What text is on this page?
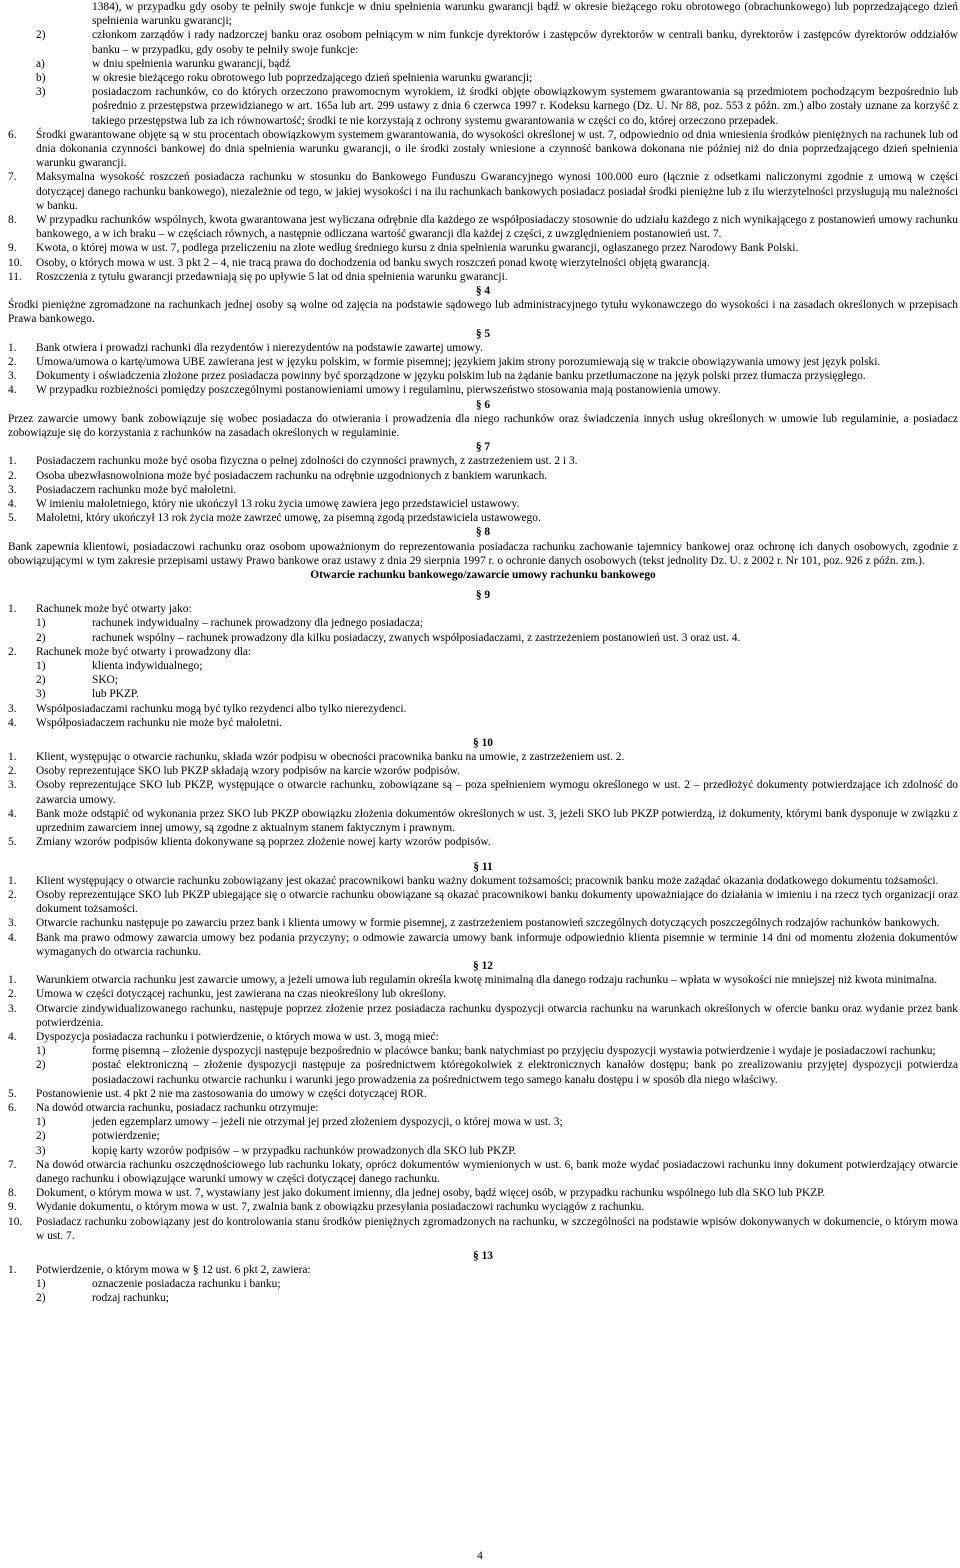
1384), w przypadku gdy osoby te pełniły swoje funkcje w dniu spełnienia warunku gwarancji bądź w okresie bieżącego roku obrotowego (obrachunkowego) lub poprzedzającego dzień spełnienia warunku gwarancji;
2)	członkom zarządów i rady nadzorczej banku oraz osobom pełniącym w nim funkcje dyrektorów i zastępców dyrektorów w centrali banku, dyrektorów i zastępców dyrektorów oddziałów banku – w przypadku, gdy osoby te pełniły swoje funkcje:
a)	w dniu spełnienia warunku gwarancji, bądź
b)	w okresie bieżącego roku obrotowego lub poprzedzającego dzień spełnienia warunku gwarancji;
3)	posiadaczom rachunków, co do których orzeczono prawomocnym wyrokiem, iż środki objęte obowiązkowym systemem gwarantowania są przedmiotem pochodzącym bezpośrednio lub pośrednio z przestępstwa przewidzianego w art. 165a lub art. 299 ustawy z dnia 6 czerwca 1997 r. Kodeksu karnego (Dz. U. Nr 88, poz. 553 z późn. zm.) albo zostały uznane za korzyść z takiego przestępstwa lub za ich równowartość; środki te nie korzystają z ochrony systemu gwarantowania w części co do, której orzeczono przepadek.
6.	Środki gwarantowane objęte są w stu procentach obowiązkowym systemem gwarantowania, do wysokości określonej w ust. 7, odpowiednio od dnia wniesienia środków pieniężnych na rachunek lub od dnia dokonania czynności bankowej do dnia spełnienia warunku gwarancji, o ile środki zostały wniesione a czynność bankowa dokonana nie później niż do dnia poprzedzającego dzień spełnienia warunku gwarancji.
7.	Maksymalna wysokość roszczeń posiadacza rachunku w stosunku do Bankowego Funduszu Gwarancyjnego wynosi 100.000 euro (łącznie z odsetkami naliczonymi zgodnie z umową w części dotyczącej danego rachunku bankowego), niezależnie od tego, w jakiej wysokości i na ilu rachunkach bankowych posiadacz posiadał środki pieniężne lub z ilu wierzytelności przysługują mu należności w banku.
8.	W przypadku rachunków wspólnych, kwota gwarantowana jest wyliczana odrębnie dla każdego ze współposiadaczy stosownie do udziału każdego z nich wynikającego z postanowień umowy rachunku bankowego, a w ich braku – w częściach równych, a następnie odliczana wartość gwarancji dla każdej z części, z uwzględnieniem postanowień ust. 7.
9.	Kwota, o której mowa w ust. 7, podlega przeliczeniu na złote według średniego kursu z dnia spełnienia warunku gwarancji, ogłaszanego przez Narodowy Bank Polski.
10.	Osoby, o których mowa w ust. 3 pkt 2 – 4, nie tracą prawa do dochodzenia od banku swych roszczeń ponad kwotę wierzytelności objętą gwarancją.
11.	Roszczenia z tytułu gwarancji przedawniają się po upływie 5 lat od dnia spełnienia warunku gwarancji.
§ 4
Środki pieniężne zgromadzone na rachunkach jednej osoby są wolne od zajęcia na podstawie sądowego lub administracyjnego tytułu wykonawczego do wysokości i na zasadach określonych w przepisach Prawa bankowego.
§ 5
1.	Bank otwiera i prowadzi rachunki dla rezydentów i nierezydentów na podstawie zawartej umowy.
2.	Umowa/umowa o kartę/umowa UBE zawierana jest w języku polskim, w formie pisemnej; językiem jakim strony porozumiewają się w trakcie obowiązywania umowy jest język polski.
3.	Dokumenty i oświadczenia złożone przez posiadacza powinny być sporządzone w języku polskim lub na żądanie banku przetłumaczone na język polski przez tłumacza przysięgłego.
4.	W przypadku rozbieżności pomiędzy poszczególnymi postanowieniami umowy i regulaminu, pierwszeństwo stosowania mają postanowienia umowy.
§ 6
Przez zawarcie umowy bank zobowiązuje się wobec posiadacza do otwierania i prowadzenia dla niego rachunków oraz świadczenia innych usług określonych w umowie lub regulaminie, a posiadacz zobowiązuje się do korzystania z rachunków na zasadach określonych w regulaminie.
§ 7
1.	Posiadaczem rachunku może być osoba fizyczna o pełnej zdolności do czynności prawnych, z zastrzeżeniem ust. 2 i 3.
2.	Osoba ubezwłasnowolniona może być posiadaczem rachunku na odrębnie uzgodnionych z bankiem warunkach.
3.	Posiadaczem rachunku może być małoletni.
4.	W imieniu małoletniego, który nie ukończył 13 roku życia umowę zawiera jego przedstawiciel ustawowy.
5.	Małoletni, który ukończył 13 rok życia może zawrzeć umowę, za pisemną zgodą przedstawiciela ustawowego.
§ 8
Bank zapewnia klientowi, posiadaczowi rachunku oraz osobom upoważnionym do reprezentowania posiadacza rachunku zachowanie tajemnicy bankowej oraz ochronę ich danych osobowych, zgodnie z obowiązującymi w tym zakresie przepisami ustawy Prawo bankowe oraz ustawy z dnia 29 sierpnia 1997 r. o ochronie danych osobowych (tekst jednolity Dz. U. z 2002 r. Nr 101, poz. 926 z późn. zm.).
Otwarcie rachunku bankowego/zawarcie umowy rachunku bankowego
§ 9
1.	Rachunek może być otwarty jako:
1)	rachunek indywidualny – rachunek prowadzony dla jednego posiadacza;
2)	rachunek wspólny – rachunek prowadzony dla kilku posiadaczy, zwanych współposiadaczami, z zastrzeżeniem postanowień ust. 3 oraz ust. 4.
2.	Rachunek może być otwarty i prowadzony dla:
1)	klienta indywidualnego;
2)	SKO;
3)	lub PKZP.
3.	Współposiadaczami rachunku mogą być tylko rezydenci albo tylko nierezydenci.
4.	Współposiadaczem rachunku nie może być małoletni.
§ 10
1.	Klient, występując o otwarcie rachunku, składa wzór podpisu w obecności pracownika banku na umowie, z zastrzeżeniem ust. 2.
2.	Osoby reprezentujące SKO lub PKZP składają wzory podpisów na karcie wzorów podpisów.
3.	Osoby reprezentujące SKO lub PKZP, występujące o otwarcie rachunku, zobowiązane są – poza spełnieniem wymogu określonego w ust. 2 – przedłożyć dokumenty potwierdzające ich zdolność do zawarcia umowy.
4.	Bank może odstąpić od wykonania przez SKO lub PKZP obowiązku złożenia dokumentów określonych w ust. 3, jeżeli SKO lub PKZP potwierdzą, iż dokumenty, którymi bank dysponuje w związku z uprzednim zawarciem innej umowy, są zgodne z aktualnym stanem faktycznym i prawnym.
5.	Zmiany wzorów podpisów klienta dokonywane są poprzez złożenie nowej karty wzorów podpisów.
§ 11
1.	Klient występujący o otwarcie rachunku zobowiązany jest okazać pracownikowi banku ważny dokument tożsamości; pracownik banku może zażądać okazania dodatkowego dokumentu tożsamości.
2.	Osoby reprezentujące SKO lub PKZP ubiegające się o otwarcie rachunku obowiązane są okazać pracownikowi banku dokumenty upoważniające do działania w imieniu i na rzecz tych organizacji oraz dokument tożsamości.
3.	Otwarcie rachunku następuje po zawarciu przez bank i klienta umowy w formie pisemnej, z zastrzeżeniem postanowień szczególnych dotyczących poszczególnych rodzajów rachunków bankowych.
4.	Bank ma prawo odmowy zawarcia umowy bez podania przyczyny; o odmowie zawarcia umowy bank informuje odpowiednio klienta pisemnie w terminie 14 dni od momentu złożenia dokumentów wymaganych do otwarcia rachunku.
§ 12
1.	Warunkiem otwarcia rachunku jest zawarcie umowy, a jeżeli umowa lub regulamin określa kwotę minimalną dla danego rodzaju rachunku – wpłata w wysokości nie mniejszej niż kwota minimalna.
2.	Umowa w części dotyczącej rachunku, jest zawierana na czas nieokreślony lub określony.
3.	Otwarcie zindywidualizowanego rachunku, następuje poprzez złożenie przez posiadacza rachunku dyspozycji otwarcia rachunku na warunkach określonych w ofercie banku oraz wydanie przez bank potwierdzenia.
4.	Dyspozycja posiadacza rachunku i potwierdzenie, o których mowa w ust. 3, mogą mieć:
1)	formę pisemną – złożenie dyspozycji następuje bezpośrednio w placówce banku; bank natychmiast po przyjęciu dyspozycji wystawia potwierdzenie i wydaje je posiadaczowi rachunku;
2)	postać elektroniczną – złożenie dyspozycji następuje za pośrednictwem któregokolwiek z elektronicznych kanałów dostępu; bank po zrealizowaniu przyjętej dyspozycji potwierdza posiadaczowi rachunku otwarcie rachunku i warunki jego prowadzenia za pośrednictwem tego samego kanału dostępu i w sposób dla niego właściwy.
5.	Postanowienie ust. 4 pkt 2 nie ma zastosowania do umowy w części dotyczącej ROR.
6.	Na dowód otwarcia rachunku, posiadacz rachunku otrzymuje:
1)	jeden egzemplarz umowy – jeżeli nie otrzymał jej przed złożeniem dyspozycji, o której mowa w ust. 3;
2)	potwierdzenie;
3)	kopię karty wzorów podpisów – w przypadku rachunków prowadzonych dla SKO lub PKZP.
7.	Na dowód otwarcia rachunku oszczędnościowego lub rachunku lokaty, oprócz dokumentów wymienionych w ust. 6, bank może wydać posiadaczowi rachunku inny dokument potwierdzający otwarcie danego rachunku i obowiązujące warunki umowy w części dotyczącej danego rachunku.
8.	Dokument, o którym mowa w ust. 7, wystawiany jest jako dokument imienny, dla jednej osoby, bądź więcej osób, w przypadku rachunku wspólnego lub dla SKO lub PKZP.
9.	Wydanie dokumentu, o którym mowa w ust. 7, zwalnia bank z obowiązku przesyłania posiadaczowi rachunku wyciągów z rachunku.
10.	Posiadacz rachunku zobowiązany jest do kontrolowania stanu środków pieniężnych zgromadzonych na rachunku, w szczególności na podstawie wpisów dokonywanych w dokumencie, o którym mowa w ust. 7.
§ 13
1.	Potwierdzenie, o którym mowa w § 12 ust. 6 pkt 2, zawiera:
1)	oznaczenie posiadacza rachunku i banku;
2)	rodzaj rachunku;
4
